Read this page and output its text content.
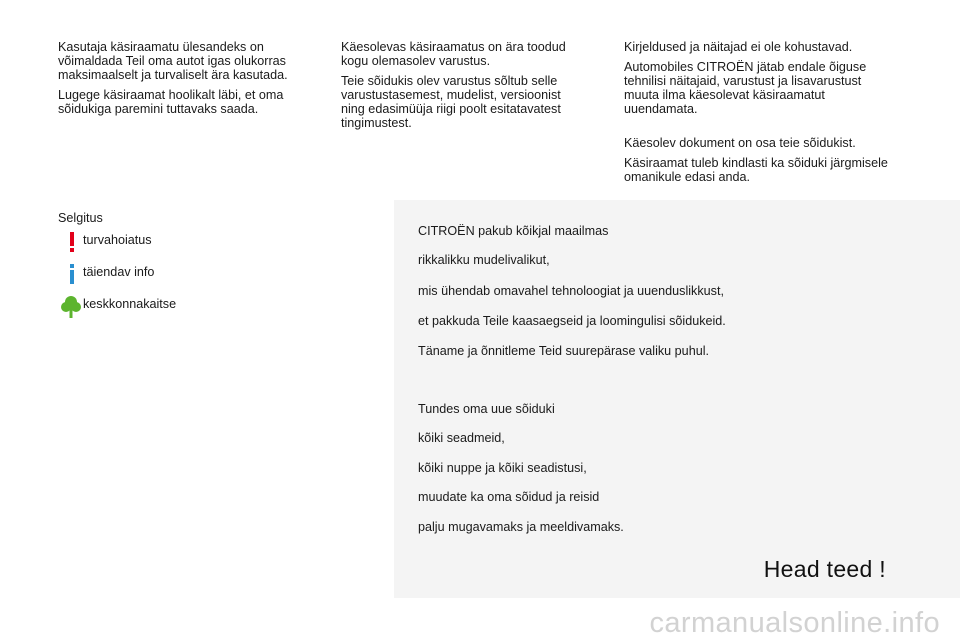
Kasutaja käsiraamatu ülesandeks on võimaldada Teil oma autot igas olukorras maksimaalselt ja turvaliselt ära kasutada.

Lugege käsiraamat hoolikalt läbi, et oma sõidukiga paremini tuttavaks saada.

Käesolevas käsiraamatus on ära toodud kogu olemasolev varustus.

Teie sõidukis olev varustus sõltub selle varustustasemest, mudelist, versioonist ning edasimüüja riigi poolt esitatavatest tingimustest.

Kirjeldused ja näitajad ei ole kohustavad.

Automobiles CITROËN jätab endale õiguse tehnilisi näitajaid, varustust ja lisavarustust muuta ilma käesolevat käsiraamatut uuendamata.

Käesolev dokument on osa teie sõidukist.

Käsiraamat tuleb kindlasti ka sõiduki järgmisele omanikule edasi anda.

Selgitus

turvahoiatus
täiendav info
keskkonnakaitse
CITROËN pakub kõikjal maailmas
rikkalikku mudelivalikut,
mis ühendab omavahel tehnoloogiat ja uuenduslikkust,
et pakkuda Teile kaasaegseid ja loomingulisi sõidukeid.
Täname ja õnnitleme Teid suurepärase valiku puhul.
Tundes oma uue sõiduki
kõiki seadmeid,
kõiki nuppe ja kõiki seadistusi,
muudate ka oma sõidud ja reisid
palju mugavamaks ja meeldivamaks.
Head teed !
carmanualsonline.info
